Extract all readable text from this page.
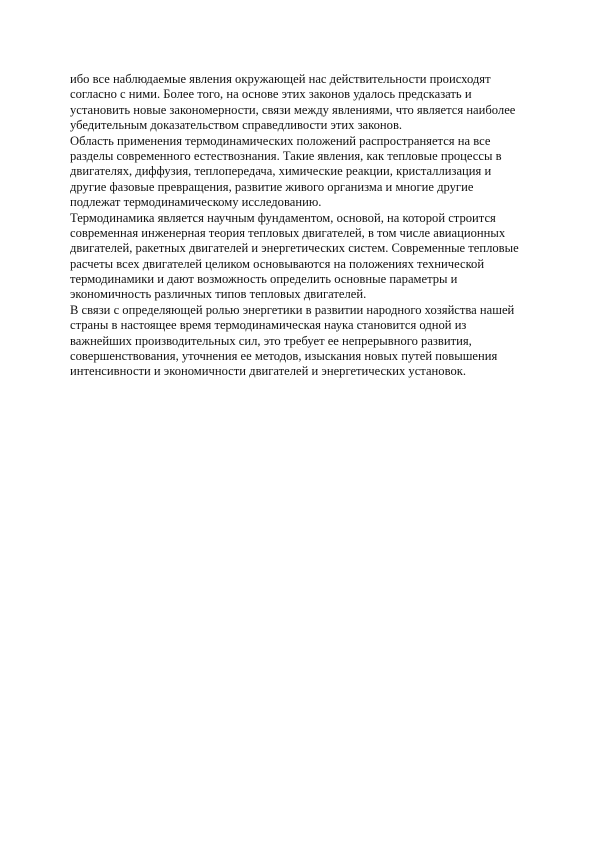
ибо все наблюдаемые явления окружающей нас действительности происходят
согласно с ними. Более того, на основе этих законов удалось предсказать и
установить новые закономерности, связи между явлениями, что является наиболее
убедительным доказательством справедливости этих законов.
Область применения термодинамических положений распространяется на все
разделы современного естествознания. Такие явления, как тепловые процессы в
двигателях, диффузия, теплопередача, химические реакции, кристаллизация и
другие фазовые превращения, развитие живого организма и многие другие
подлежат термодинамическому исследованию.
Термодинамика является научным фундаментом, основой, на которой строится
современная инженерная теория тепловых двигателей, в том числе авиационных
двигателей, ракетных двигателей и энергетических систем. Современные тепловые
расчеты всех двигателей целиком основываются на положениях технической
термодинамики и дают возможность определить основные параметры и
экономичность различных типов тепловых двигателей.
В связи с определяющей ролью энергетики в развитии народного хозяйства нашей
страны в настоящее время термодинамическая наука становится одной из
важнейших производительных сил, это требует ее непрерывного развития,
совершенствования, уточнения ее методов, изыскания новых путей повышения
интенсивности и экономичности двигателей и энергетических установок.
